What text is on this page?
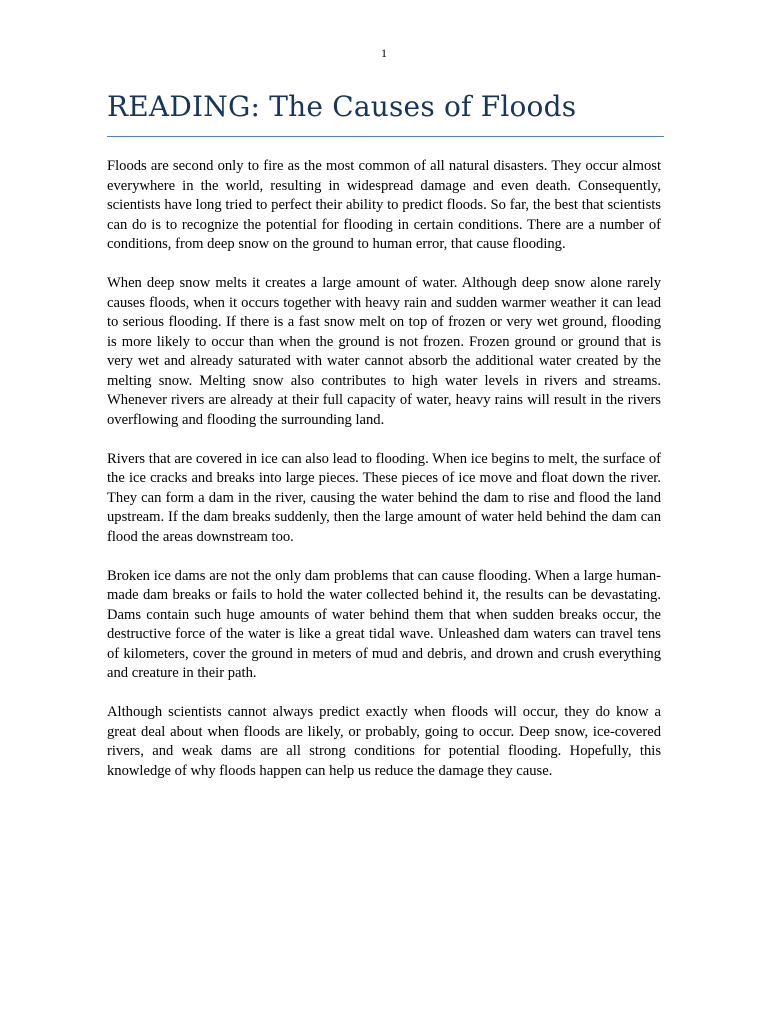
1
READING: The Causes of Floods

Floods are second only to fire as the most common of all natural disasters. They occur almost everywhere in the world, resulting in widespread damage and even death. Consequently, scientists have long tried to perfect their ability to predict floods. So far, the best that scientists can do is to recognize the potential for flooding in certain conditions. There are a number of conditions, from deep snow on the ground to human error, that cause flooding.

When deep snow melts it creates a large amount of water. Although deep snow alone rarely causes floods, when it occurs together with heavy rain and sudden warmer weather it can lead to serious flooding. If there is a fast snow melt on top of frozen or very wet ground, flooding is more likely to occur than when the ground is not frozen. Frozen ground or ground that is very wet and already saturated with water cannot absorb the additional water created by the melting snow. Melting snow also contributes to high water levels in rivers and streams. Whenever rivers are already at their full capacity of water, heavy rains will result in the rivers overflowing and flooding the surrounding land.

Rivers that are covered in ice can also lead to flooding. When ice begins to melt, the surface of the ice cracks and breaks into large pieces. These pieces of ice move and float down the river. They can form a dam in the river, causing the water behind the dam to rise and flood the land upstream. If the dam breaks suddenly, then the large amount of water held behind the dam can flood the areas downstream too.

Broken ice dams are not the only dam problems that can cause flooding. When a large human-made dam breaks or fails to hold the water collected behind it, the results can be devastating. Dams contain such huge amounts of water behind them that when sudden breaks occur, the destructive force of the water is like a great tidal wave. Unleashed dam waters can travel tens of kilometers, cover the ground in meters of mud and debris, and drown and crush everything and creature in their path.

Although scientists cannot always predict exactly when floods will occur, they do know a great deal about when floods are likely, or probably, going to occur. Deep snow, ice-covered rivers, and weak dams are all strong conditions for potential flooding. Hopefully, this knowledge of why floods happen can help us reduce the damage they cause.
